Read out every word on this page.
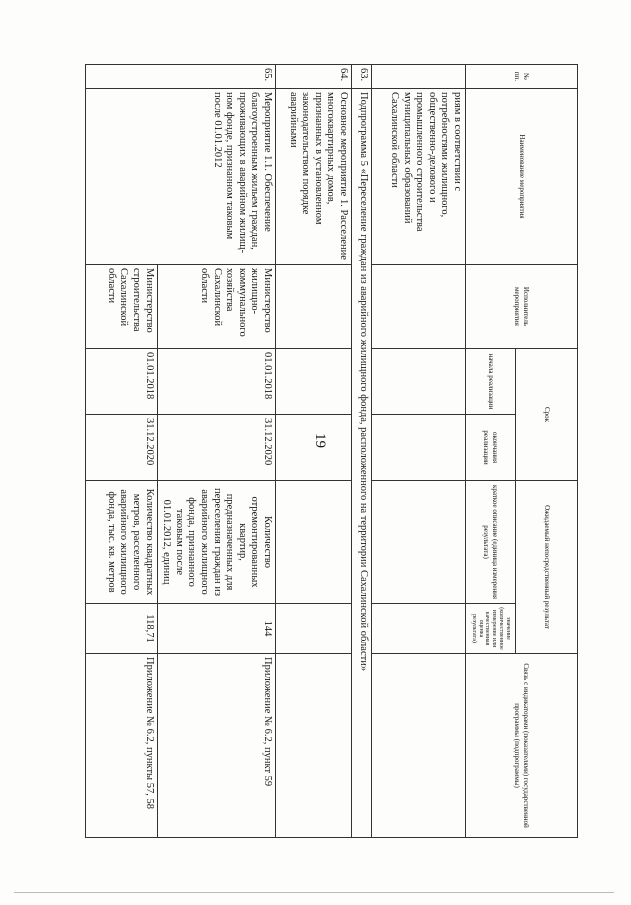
19
№ пп.	Наименование мероприятия	Исполнитель мероприятия	Срок		Ожидаемый непосредственный результат		Связь с индикаторами (показателями) государственной программы (подпрограммы)
			начала реализации	окончания реализации	краткое описание (единица измерения результата)	значение (количественное измерение или качественная оценка результата)	
	риям в соответствии с потребностями жилищного, общественно-делового и промышленного строительства муниципальных образований Сахалинской области						
63.	Подпрограмма 5 «Переселение граждан из аварийного жилищного фонда, расположенного на территории Сахалинской области»						
64.	Основное мероприятие 1. Расселение многоквартирных домов, признанных в установленном законодательством порядке аварийными						
65.	Мероприятие 1.1. Обеспечение благоустроенным жильем граждан, проживающих в аварийном жилищ-ном фонде, признанном таковым после 01.01.2012	Министерство жилищно-коммунального хозяйства Сахалинской области	01.01.2018	31.12.2020	Количество отремонтированных квартир, предназначенных для переселения граждан из аварийного жилищного фонда, признанного таковым после 01.01.2012, единиц	144	Приложение № 6.2, пункт 59
		Министерство строительства Сахалинской области	01.01.2018	31.12.2020	Количество квадратных метров, расселенного аварийного жилищного фонда, тыс. кв. метров	118,71	Приложение № 6.2, пункты 57, 58
